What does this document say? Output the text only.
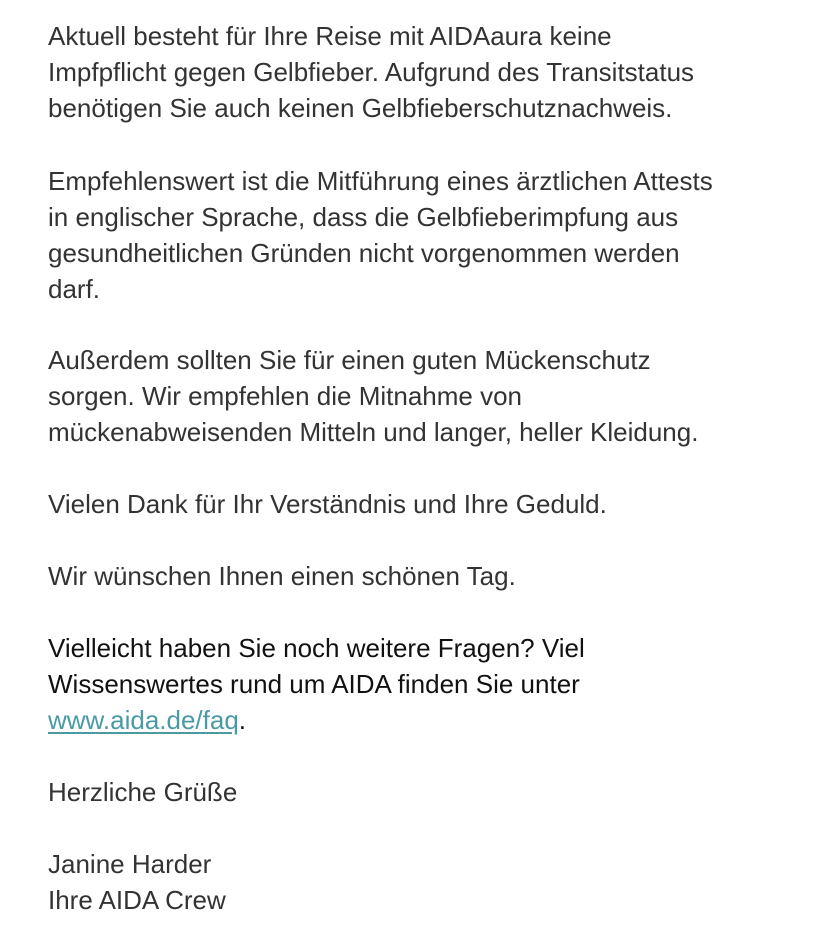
Aktuell besteht für Ihre Reise mit AIDAaura keine
Impfpflicht gegen Gelbfieber. Aufgrund des Transitstatus
benötigen Sie auch keinen Gelbfieberschutznachweis.
Empfehlenswert ist die Mitführung eines ärztlichen Attests
in englischer Sprache, dass die Gelbfieberimpfung aus
gesundheitlichen Gründen nicht vorgenommen werden
darf.
Außerdem sollten Sie für einen guten Mückenschutz
sorgen. Wir empfehlen die Mitnahme von
mückenabweisenden Mitteln und langer, heller Kleidung.
Vielen Dank für Ihr Verständnis und Ihre Geduld.
Wir wünschen Ihnen einen schönen Tag.
Vielleicht haben Sie noch weitere Fragen? Viel
Wissenswertes rund um AIDA finden Sie unter
www.aida.de/faq.
Herzliche Grüße
Janine Harder
Ihre AIDA Crew
